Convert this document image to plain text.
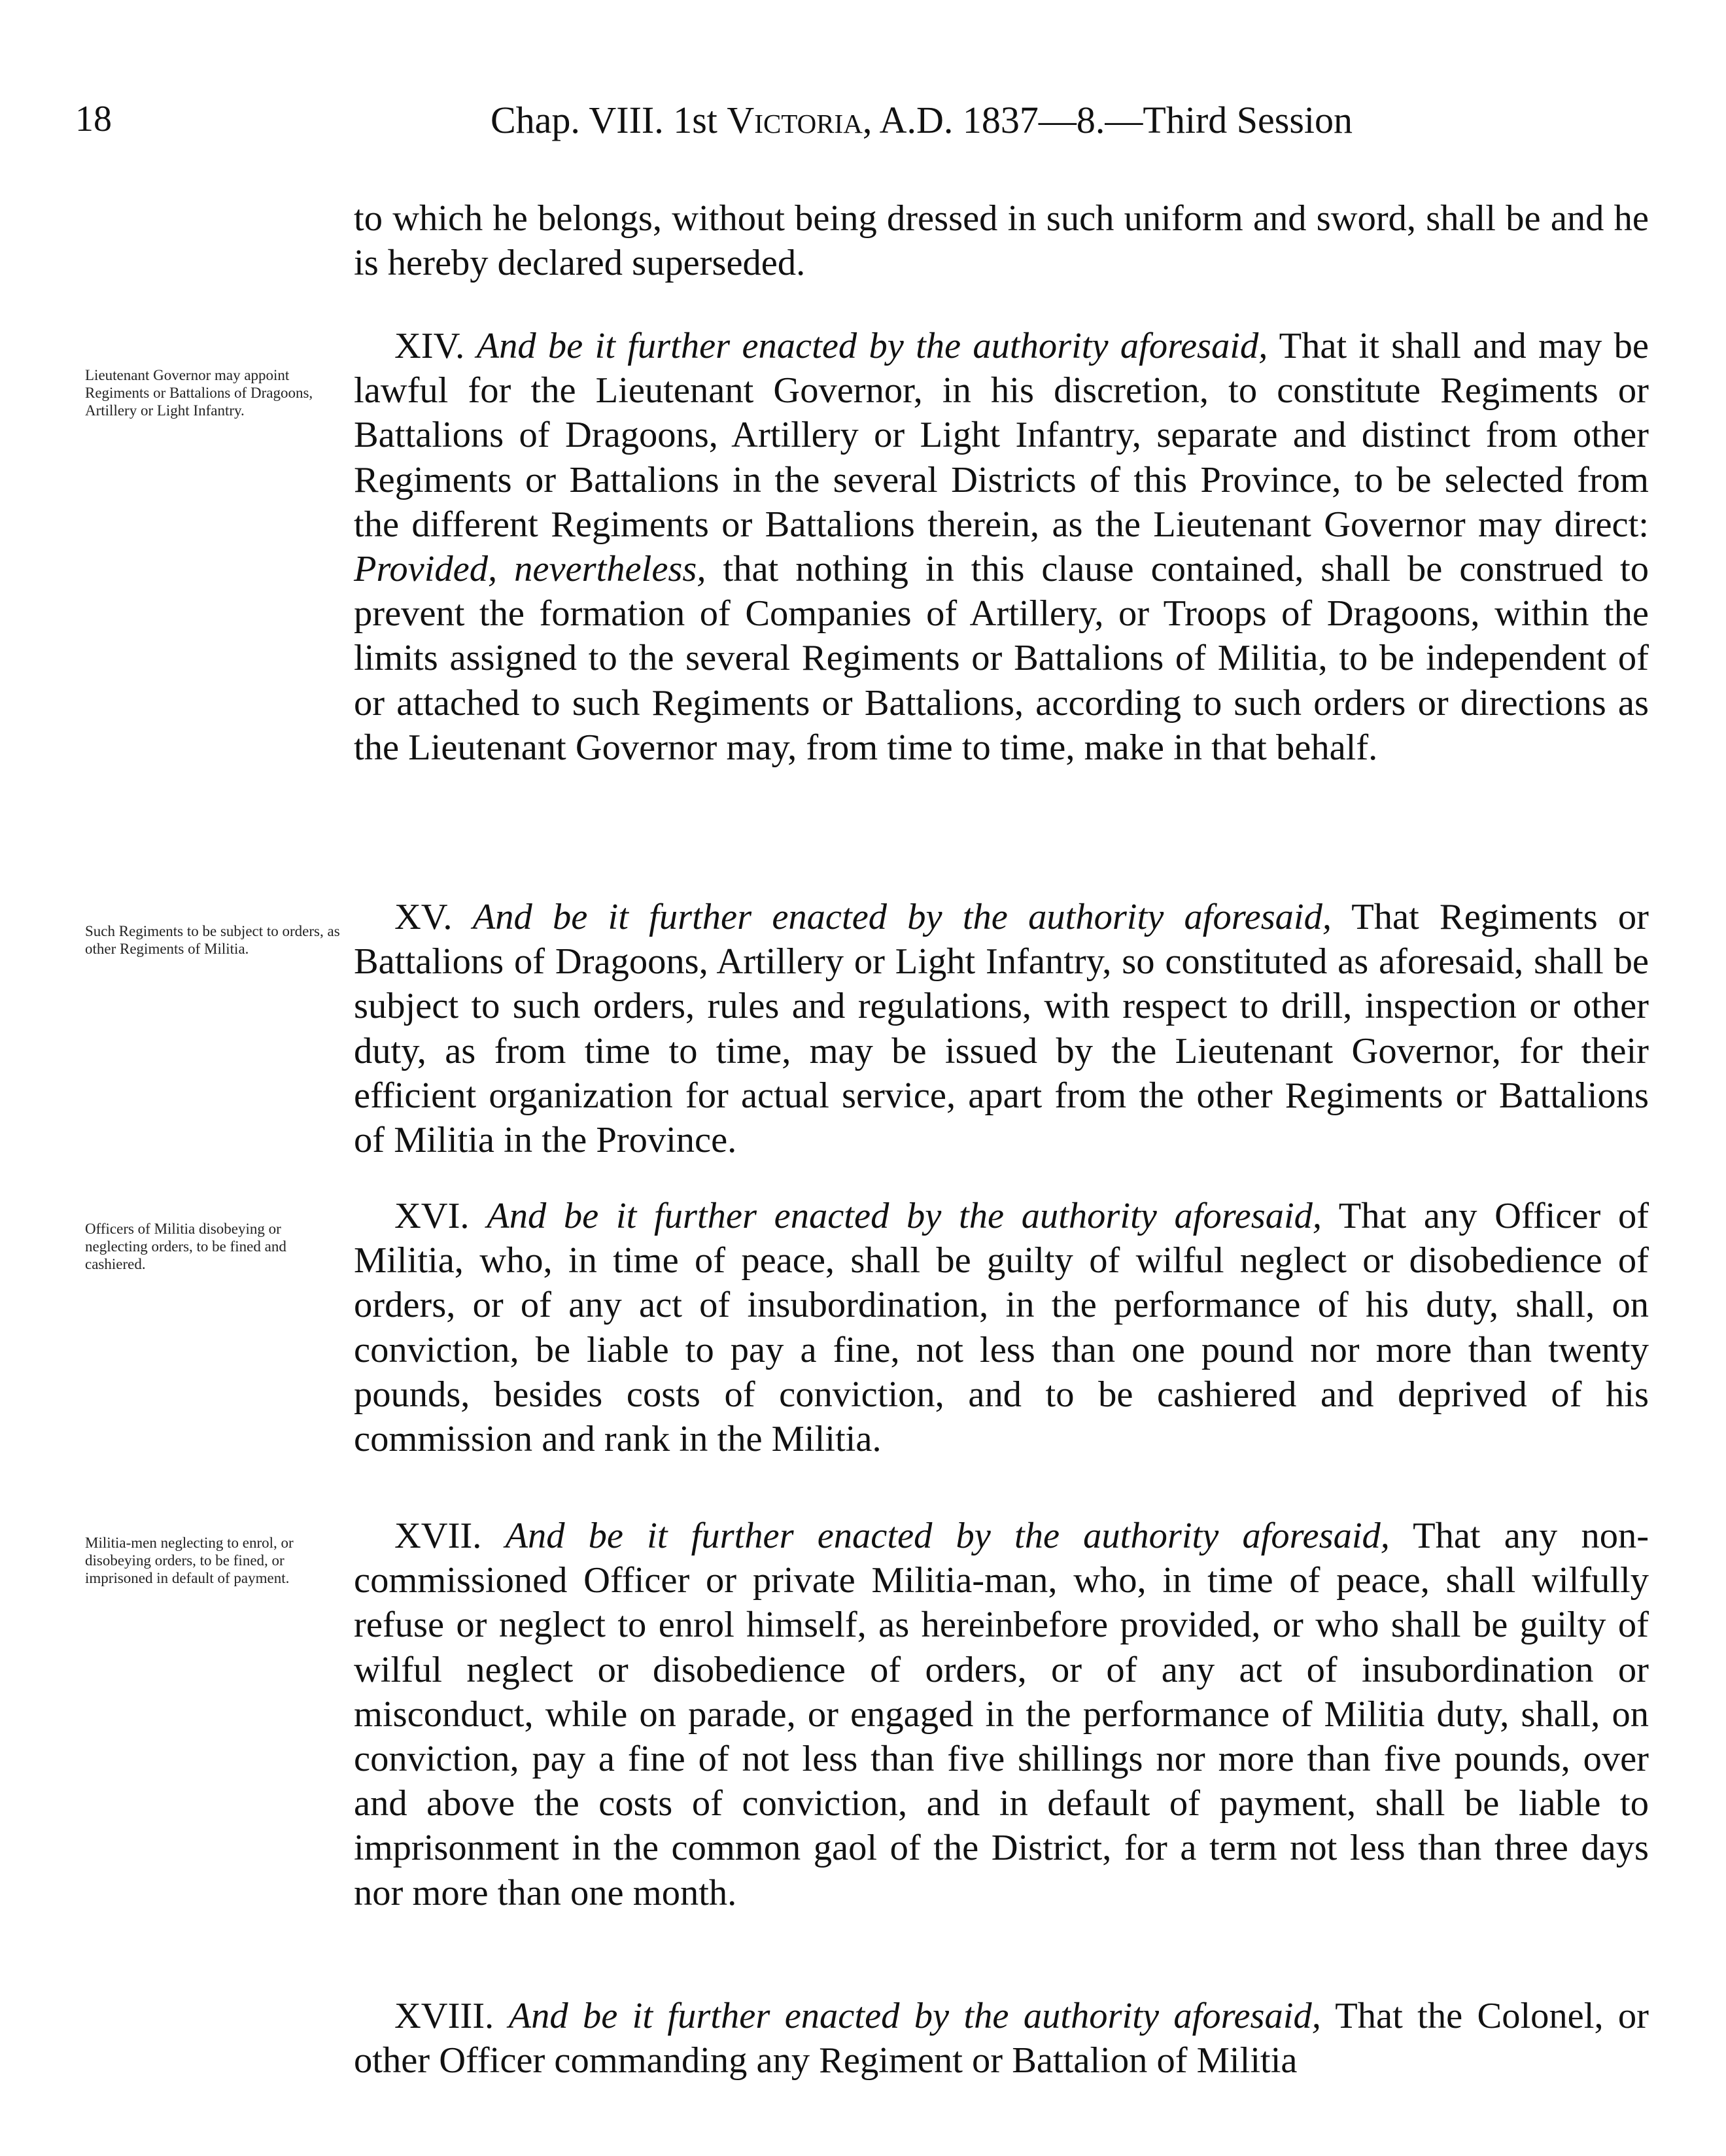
18	Chap. VIII. 1st Victoria, A.D. 1837—8.—Third Session
to which he belongs, without being dressed in such uniform and sword, shall be and he is hereby declared superseded.
XIV. And be it further enacted by the authority aforesaid, That it shall and may be lawful for the Lieutenant Governor, in his discretion, to constitute Regiments or Battalions of Dragoons, Artillery or Light Infantry, separate and distinct from other Regiments or Battalions in the several Districts of this Province, to be selected from the different Regiments or Battalions therein, as the Lieutenant Governor may direct: Provided, nevertheless, that nothing in this clause contained, shall be construed to prevent the formation of Companies of Artillery, or Troops of Dragoons, within the limits assigned to the several Regiments or Battalions of Militia, to be independent of or attached to such Regiments or Battalions, according to such orders or directions as the Lieutenant Governor may, from time to time, make in that behalf.
Lieutenant Governor may appoint Regiments or Battalions of Dragoons, Artillery or Light Infantry.
XV. And be it further enacted by the authority aforesaid, That Regiments or Battalions of Dragoons, Artillery or Light Infantry, so constituted as aforesaid, shall be subject to such orders, rules and regulations, with respect to drill, inspection or other duty, as from time to time, may be issued by the Lieutenant Governor, for their efficient organization for actual service, apart from the other Regiments or Battalions of Militia in the Province.
Such Regiments to be subject to orders, as other Regiments of Militia.
XVI. And be it further enacted by the authority aforesaid, That any Officer of Militia, who, in time of peace, shall be guilty of wilful neglect or disobedience of orders, or of any act of insubordination, in the performance of his duty, shall, on conviction, be liable to pay a fine, not less than one pound nor more than twenty pounds, besides costs of conviction, and to be cashiered and deprived of his commission and rank in the Militia.
Officers of Militia disobeying or neglecting orders, to be fined and cashiered.
XVII. And be it further enacted by the authority aforesaid, That any non-commissioned Officer or private Militia-man, who, in time of peace, shall wilfully refuse or neglect to enrol himself, as hereinbefore provided, or who shall be guilty of wilful neglect or disobedience of orders, or of any act of insubordination or misconduct, while on parade, or engaged in the performance of Militia duty, shall, on conviction, pay a fine of not less than five shillings nor more than five pounds, over and above the costs of conviction, and in default of payment, shall be liable to imprisonment in the common gaol of the District, for a term not less than three days nor more than one month.
Militia-men neglecting to enrol, or disobeying orders, to be fined, or imprisoned in default of payment.
XVIII. And be it further enacted by the authority aforesaid, That the Colonel, or other Officer commanding any Regiment or Battalion of Militia
